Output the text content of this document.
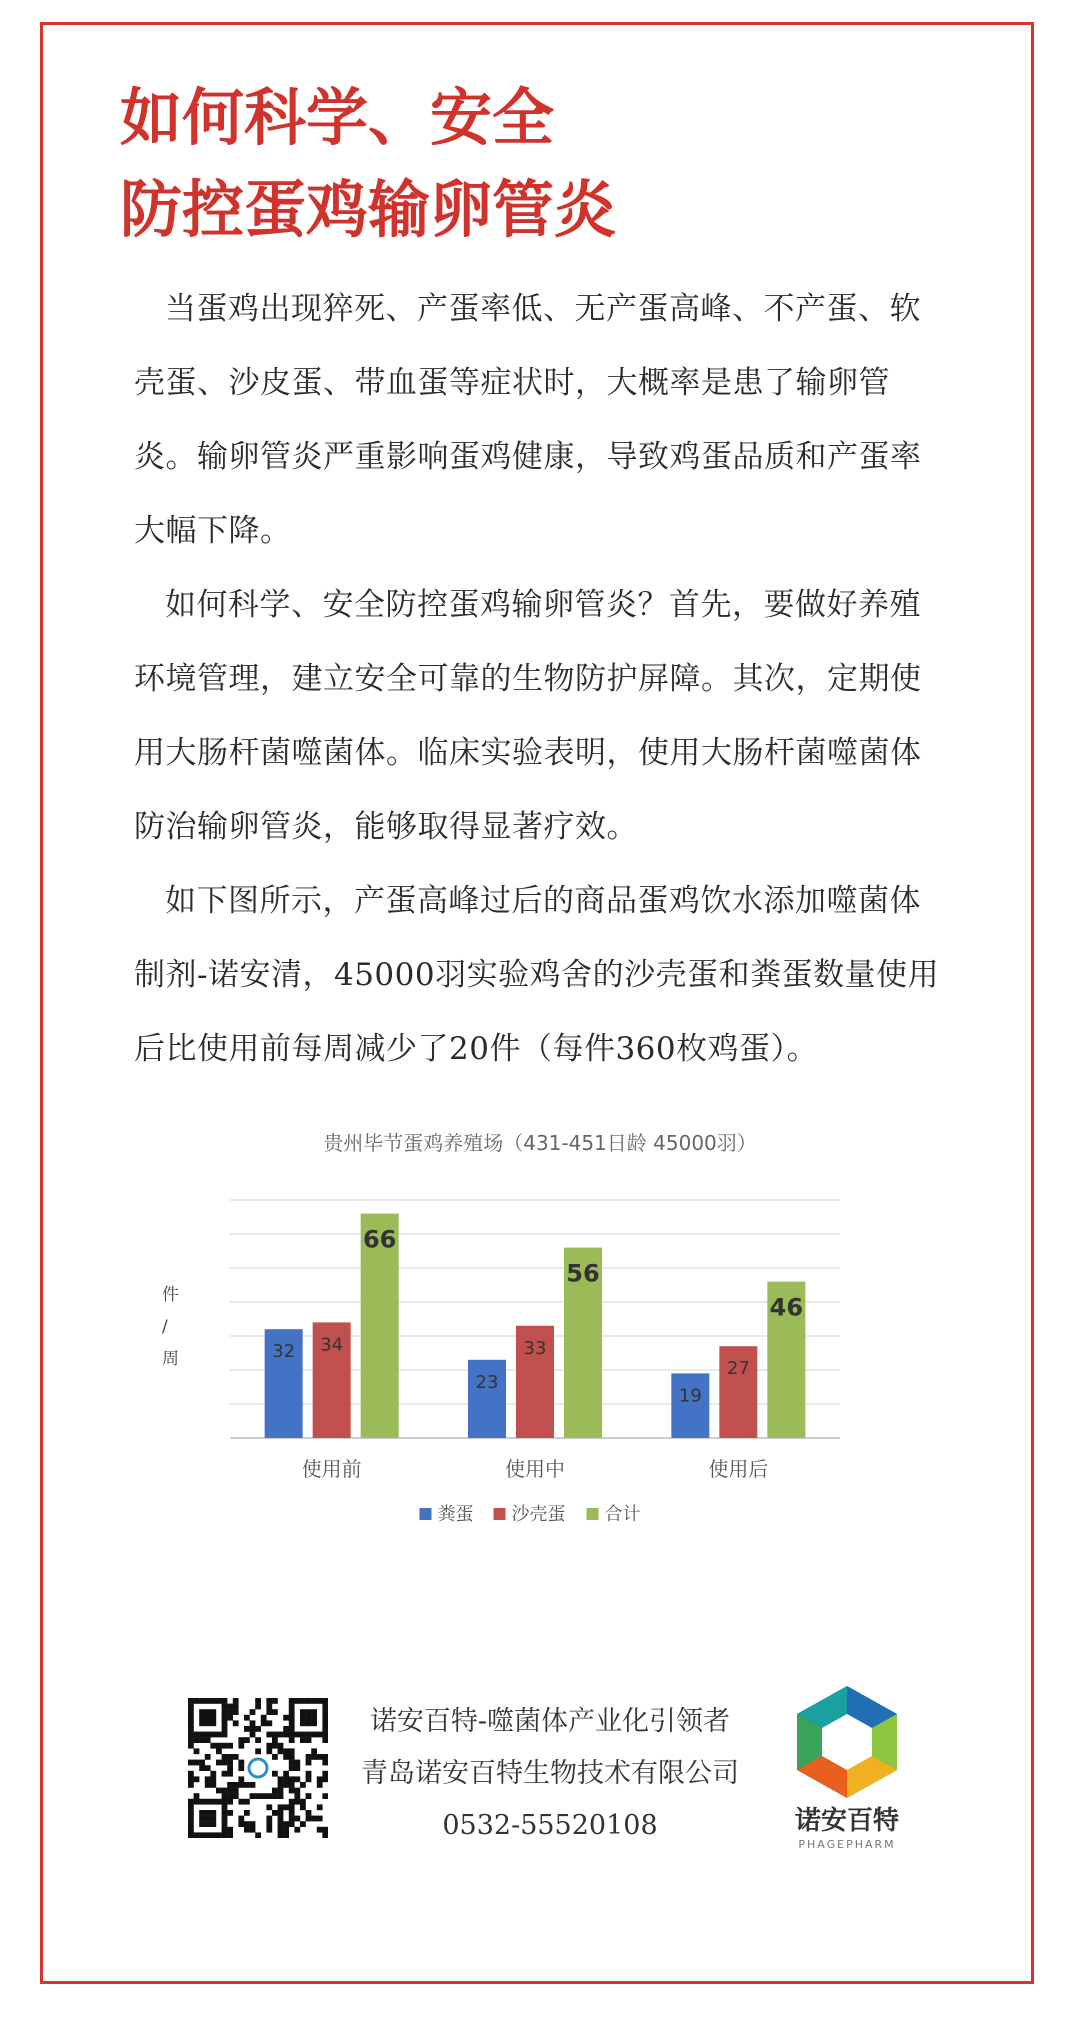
如何科学、安全
防控蛋鸡输卵管炎

当蛋鸡出现猝死、产蛋率低、无产蛋高峰、不产蛋、软壳蛋、沙皮蛋、带血蛋等症状时，大概率是患了输卵管炎。输卵管炎严重影响蛋鸡健康，导致鸡蛋品质和产蛋率大幅下降。

如何科学、安全防控蛋鸡输卵管炎？首先，要做好养殖环境管理，建立安全可靠的生物防护屏障。其次，定期使用大肠杆菌噬菌体。临床实验表明，使用大肠杆菌噬菌体防治输卵管炎，能够取得显著疗效。

如下图所示，产蛋高峰过后的商品蛋鸡饮水添加噬菌体制剂-诺安清，45000羽实验鸡舍的沙壳蛋和粪蛋数量使用后比使用前每周减少了20件（每件360枚鸡蛋）。

贵州毕节蛋鸡养殖场（431-451日龄 45000羽）
件
/
周	32 34
66
23
33
56
19
27
46
使用前	使用中	使用后
粪蛋 沙壳蛋 合计
诺安百特-噬菌体产业化引领者
青岛诺安百特生物技术有限公司
0532-55520108	诺安百特
PHAGEPHARM
